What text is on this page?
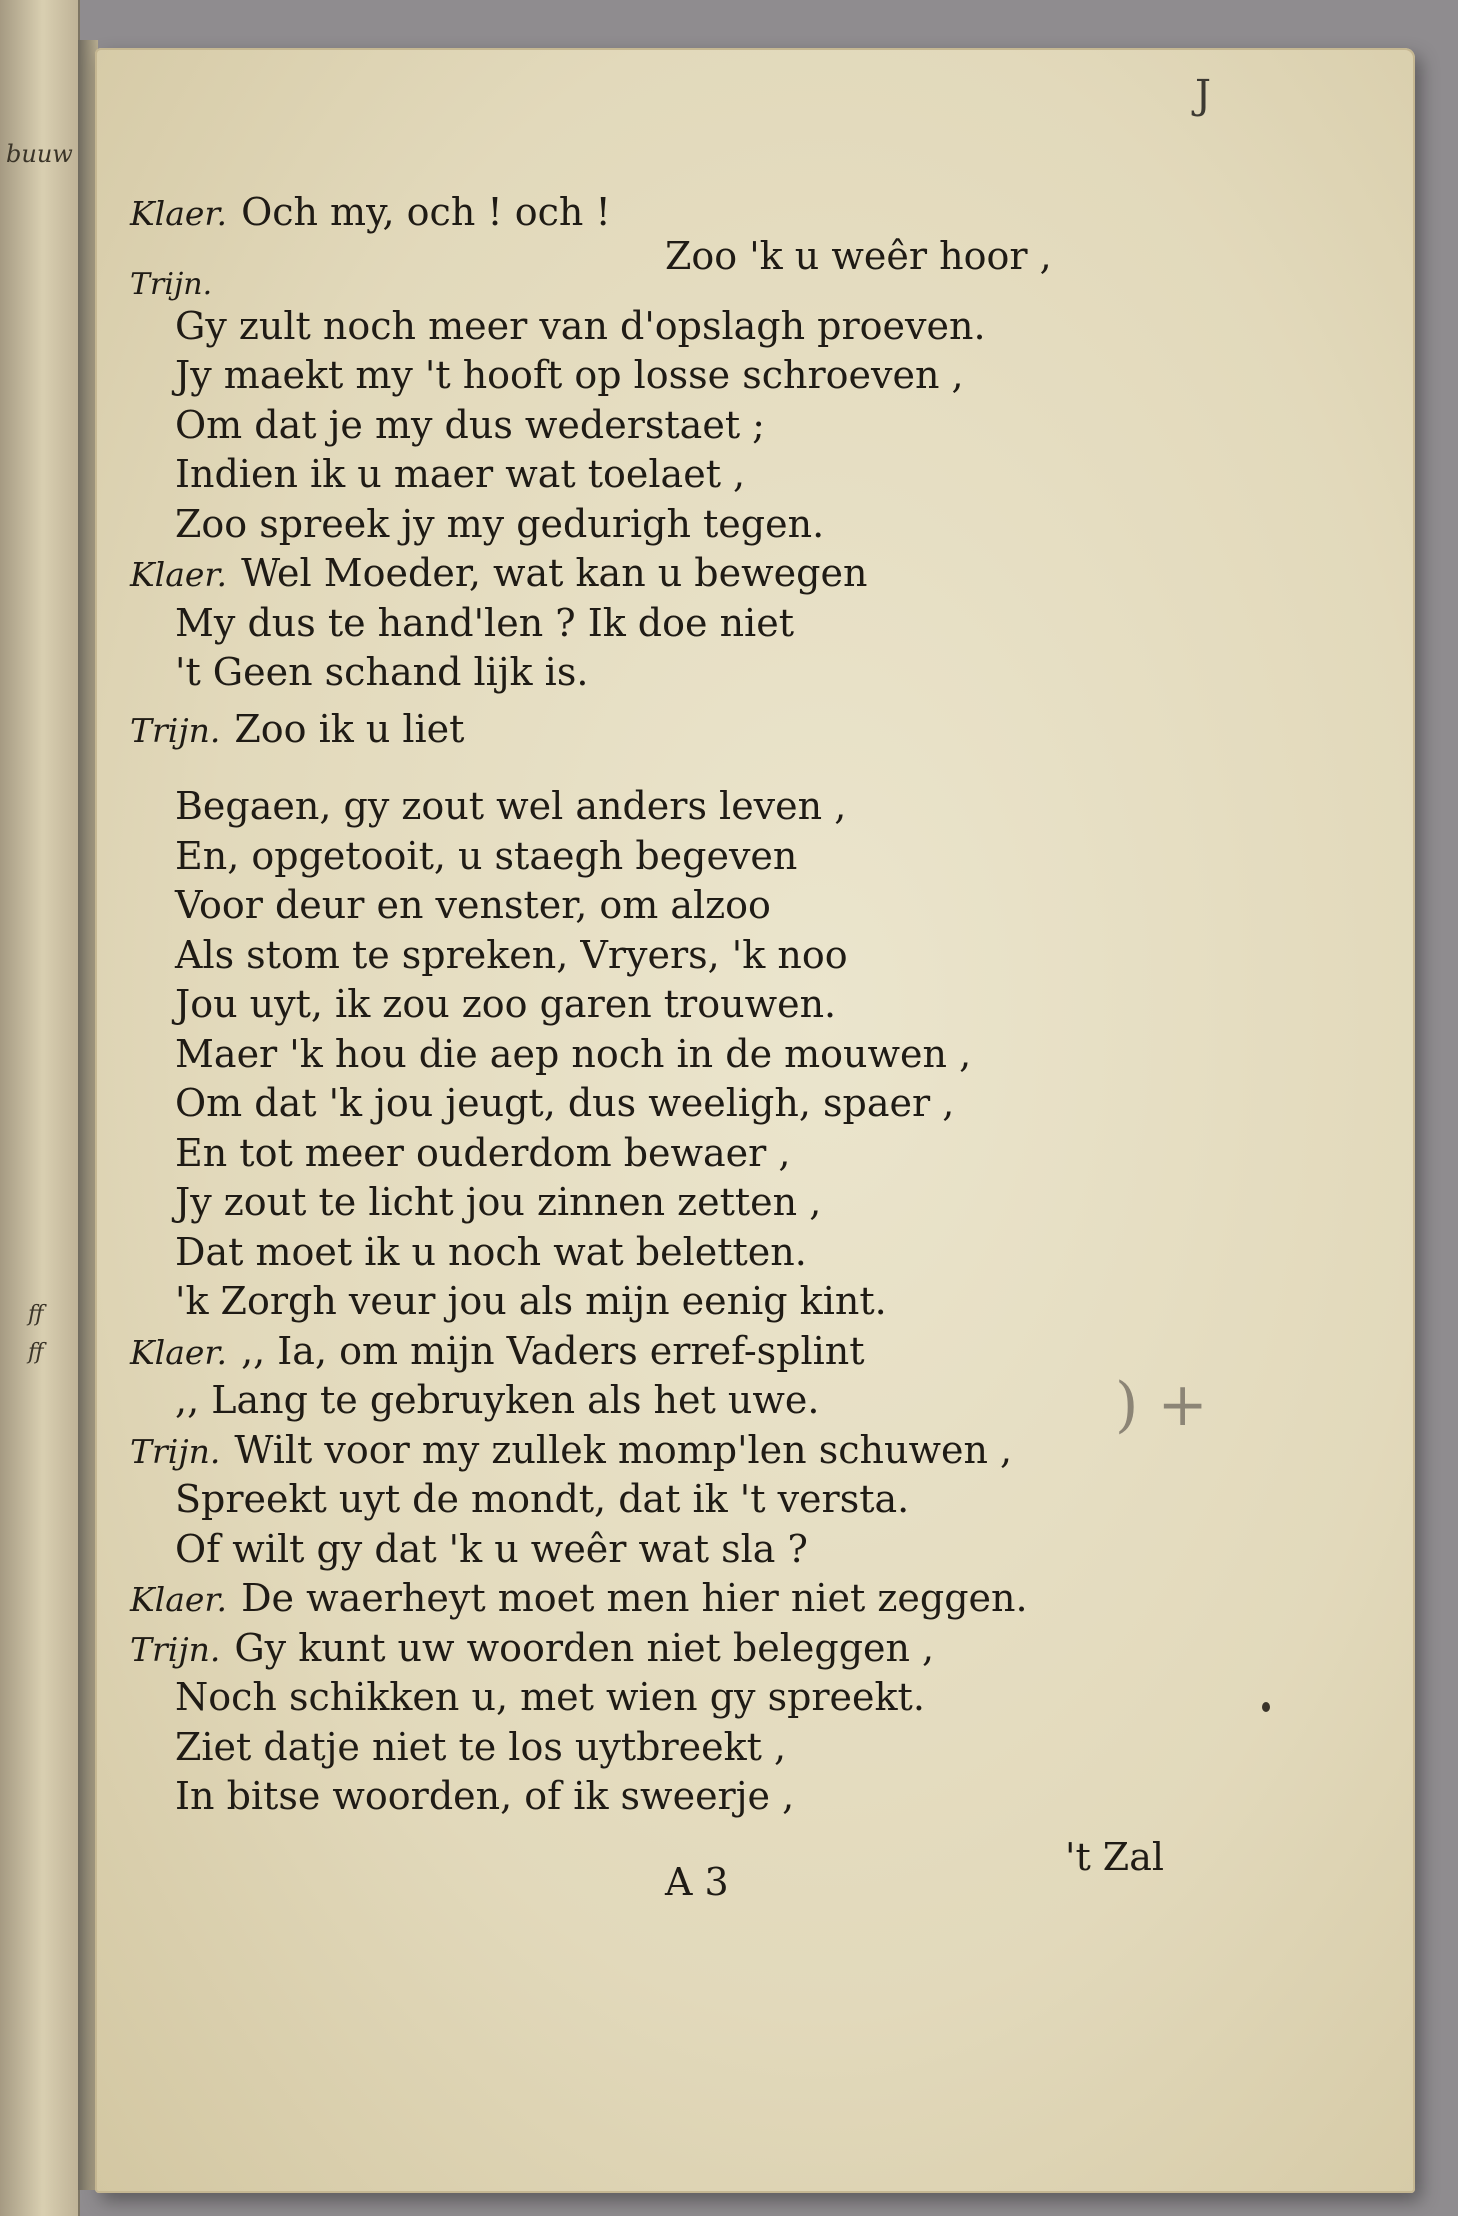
buuw
ff
ff
J
Klaer. Och my, och ! och !
Zoo 'k u weêr hoor ,
Trijn.
Gy zult noch meer van d'opslagh proeven.
Jy maekt my 't hooft op losse schroeven ,
Om dat je my dus wederstaet ;
Indien ik u maer wat toelaet ,
Zoo spreek jy my gedurigh tegen.
Klaer. Wel Moeder, wat kan u bewegen
My dus te hand'len ? Ik doe niet
't Geen schand lijk is.
Trijn. Zoo ik u liet
Begaen, gy zout wel anders leven ,
En, opgetooit, u staegh begeven
Voor deur en venster, om alzoo
Als stom te spreken, Vryers, 'k noo
Jou uyt, ik zou zoo garen trouwen.
Maer 'k hou die aep noch in de mouwen ,
Om dat 'k jou jeugt, dus weeligh, spaer ,
En tot meer ouderdom bewaer ,
Jy zout te licht jou zinnen zetten ,
Dat moet ik u noch wat beletten.
'k Zorgh veur jou als mijn eenig kint.
Klaer. ,, Ia, om mijn Vaders erref-splint
,, Lang te gebruyken als het uwe.
Trijn. Wilt voor my zullek momp'len schuwen ,
Spreekt uyt de mondt, dat ik 't versta.
Of wilt gy dat 'k u weêr wat sla ?
Klaer. De waerheyt moet men hier niet zeggen.
Trijn. Gy kunt uw woorden niet beleggen ,
Noch schikken u, met wien gy spreekt.
Ziet datje niet te los uytbreekt ,
In bitse woorden, of ik sweerje ,
A 3
't Zal
) +
